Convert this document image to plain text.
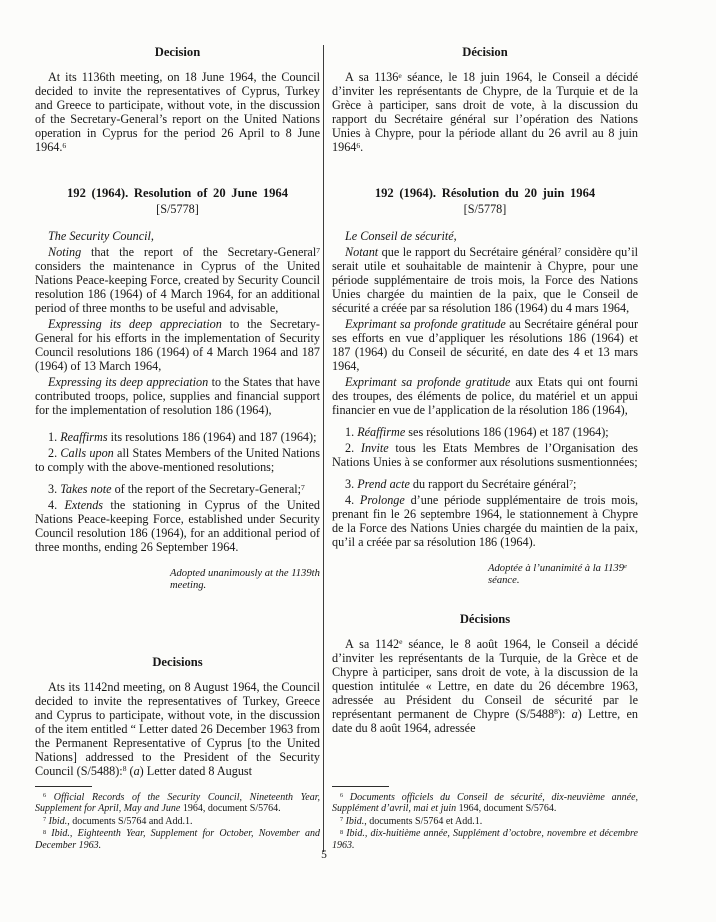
Decision

At its 1136th meeting, on 18 June 1964, the Council decided to invite the representatives of Cyprus, Turkey and Greece to participate, without vote, in the discussion of the Secretary-General’s report on the United Nations operation in Cyprus for the period 26 April to 8 June 1964.$^6$

192 (1964). Resolution of 20 June 1964
[S/5778]

The Security Council,

Noting that the report of the Secretary-General$^7$ considers the maintenance in Cyprus of the United Nations Peace-keeping Force, created by Security Council resolution 186 (1964) of 4 March 1964, for an additional period of three months to be useful and advisable,

Expressing its deep appreciation to the Secretary-General for his efforts in the implementation of Security Council resolutions 186 (1964) of 4 March 1964 and 187 (1964) of 13 March 1964,

Expressing its deep appreciation to the States that have contributed troops, police, supplies and financial support for the implementation of resolution 186 (1964),

1. Reaffirms its resolutions 186 (1964) and 187 (1964);

2. Calls upon all States Members of the United Nations to comply with the above-mentioned resolutions;

3. Takes note of the report of the Secretary-General;$^7$

4. Extends the stationing in Cyprus of the United Nations Peace-keeping Force, established under Security Council resolution 186 (1964), for an additional period of three months, ending 26 September 1964.

Adopted unanimously at the 1139th meeting.
Decisions

Ats its 1142nd meeting, on 8 August 1964, the Council decided to invite the representatives of Turkey, Greece and Cyprus to participate, without vote, in the discussion of the item entitled “ Letter dated 26 December 1963 from the Permanent Representative of Cyprus [to the United Nations] addressed to the President of the Security Council (S/5488):$^8$ (a) Letter dated 8 August

$^6$ Official Records of the Security Council, Nineteenth Year, Supplement for April, May and June 1964, document S/5764.

$^7$ Ibid., documents S/5764 and Add.1.

$^8$ Ibid., Eighteenth Year, Supplement for October, November and December 1963.

Décision

A sa 1136e séance, le 18 juin 1964, le Conseil a décidé d’inviter les représentants de Chypre, de la Turquie et de la Grèce à participer, sans droit de vote, à la discussion du rapport du Secrétaire général sur l’opération des Nations Unies à Chypre, pour la période allant du 26 avril au 8 juin 1964$^6$.

192 (1964). Résolution du 20 juin 1964
[S/5778]

Le Conseil de sécurité,

Notant que le rapport du Secrétaire général$^7$ considère qu’il serait utile et souhaitable de maintenir à Chypre, pour une période supplémentaire de trois mois, la Force des Nations Unies chargée du maintien de la paix, que le Conseil de sécurité a créée par sa résolution 186 (1964) du 4 mars 1964,

Exprimant sa profonde gratitude au Secrétaire général pour ses efforts en vue d’appliquer les résolutions 186 (1964) et 187 (1964) du Conseil de sécurité, en date des 4 et 13 mars 1964,

Exprimant sa profonde gratitude aux Etats qui ont fourni des troupes, des éléments de police, du matériel et un appui financier en vue de l’application de la résolution 186 (1964),

1. Réaffirme ses résolutions 186 (1964) et 187 (1964);

2. Invite tous les Etats Membres de l’Organisation des Nations Unies à se conformer aux résolutions susmentionnées;

3. Prend acte du rapport du Secrétaire général$^7$;

4. Prolonge d’une période supplémentaire de trois mois, prenant fin le 26 septembre 1964, le stationnement à Chypre de la Force des Nations Unies chargée du maintien de la paix, qu’il a créée par sa résolution 186 (1964).

Adoptée à l’unanimité à la 1139e séance.
Décisions

A sa 1142e séance, le 8 août 1964, le Conseil a décidé d’inviter les représentants de la Turquie, de la Grèce et de Chypre à participer, sans droit de vote, à la discussion de la question intitulée « Lettre, en date du 26 décembre 1963, adressée au Président du Conseil de sécurité par le représentant permanent de Chypre (S/5488$^8$): a) Lettre, en date du 8 août 1964, adressée

$^6$ Documents officiels du Conseil de sécurité, dix-neuvième année, Supplément d’avril, mai et juin 1964, document S/5764.

$^7$ Ibid., documents S/5764 et Add.1.

$^8$ Ibid., dix-huitième année, Supplément d’octobre, novembre et décembre 1963.

5
